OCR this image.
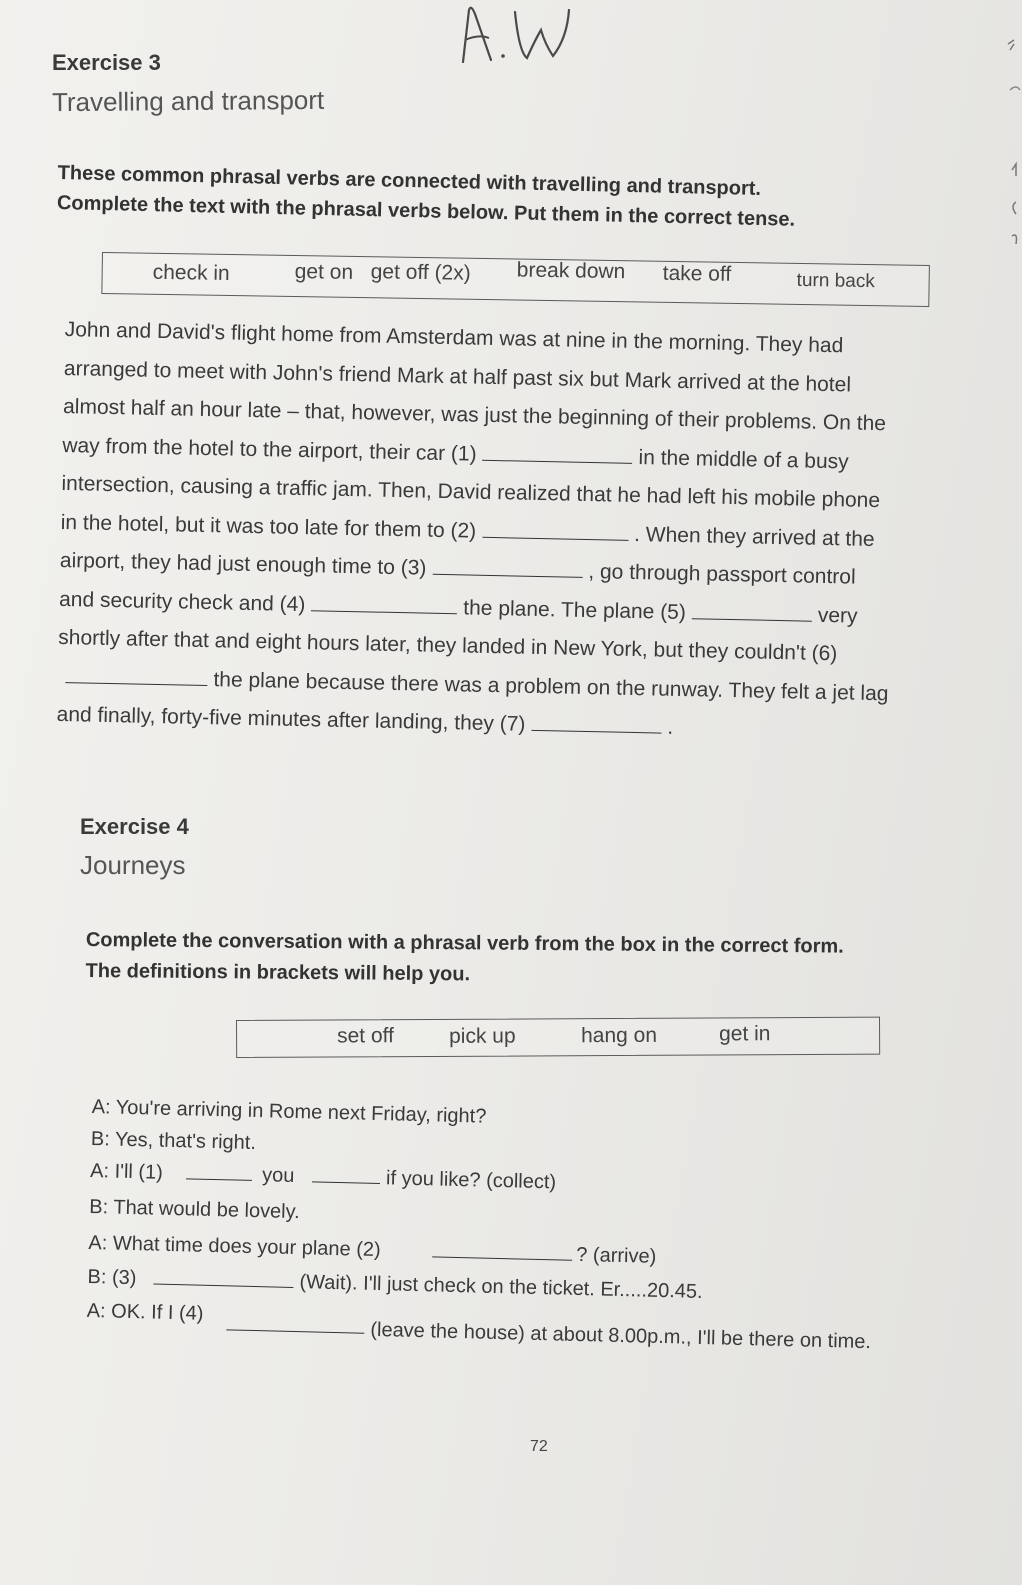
Exercise 3
Travelling and transport
These common phrasal verbs are connected with travelling and transport.
Complete the text with the phrasal verbs below. Put them in the correct tense.
check in	get on get off (2x) break down take off	turn back
John and David's flight home from Amsterdam was at nine in the morning. They had
arranged to meet with John's friend Mark at half past six but Mark arrived at the hotel
almost half an hour late – that, however, was just the beginning of their problems. On the
way from the hotel to the airport, their car (1)	in the middle of a busy
intersection, causing a traffic jam. Then, David realized that he had left his mobile phone
in the hotel, but it was too late for them to (2)	. When they arrived at the
airport, they had just enough time to (3)	, go through passport control
and security check and (4)	the plane. The plane (5)	very
shortly after that and eight hours later, they landed in New York, but they couldn't (6)
the plane because there was a problem on the runway. They felt a jet lag
and finally, forty-five minutes after landing, they (7)	.
Exercise 4
Journeys
Complete the conversation with a phrasal verb from the box in the correct form.
The definitions in brackets will help you.
set off	pick up	hang on	get in
A: You're arriving in Rome next Friday, right?
B: Yes, that's right.
A: I'll (1)	you	if you like? (collect)
B: That would be lovely.
A: What time does your plane (2)	? (arrive)
B: (3)	(Wait). I'll just check on the ticket. Er.....20.45.
A: OK. If I (4)
(leave the house) at about 8.00p.m., I'll be there on time.
72
